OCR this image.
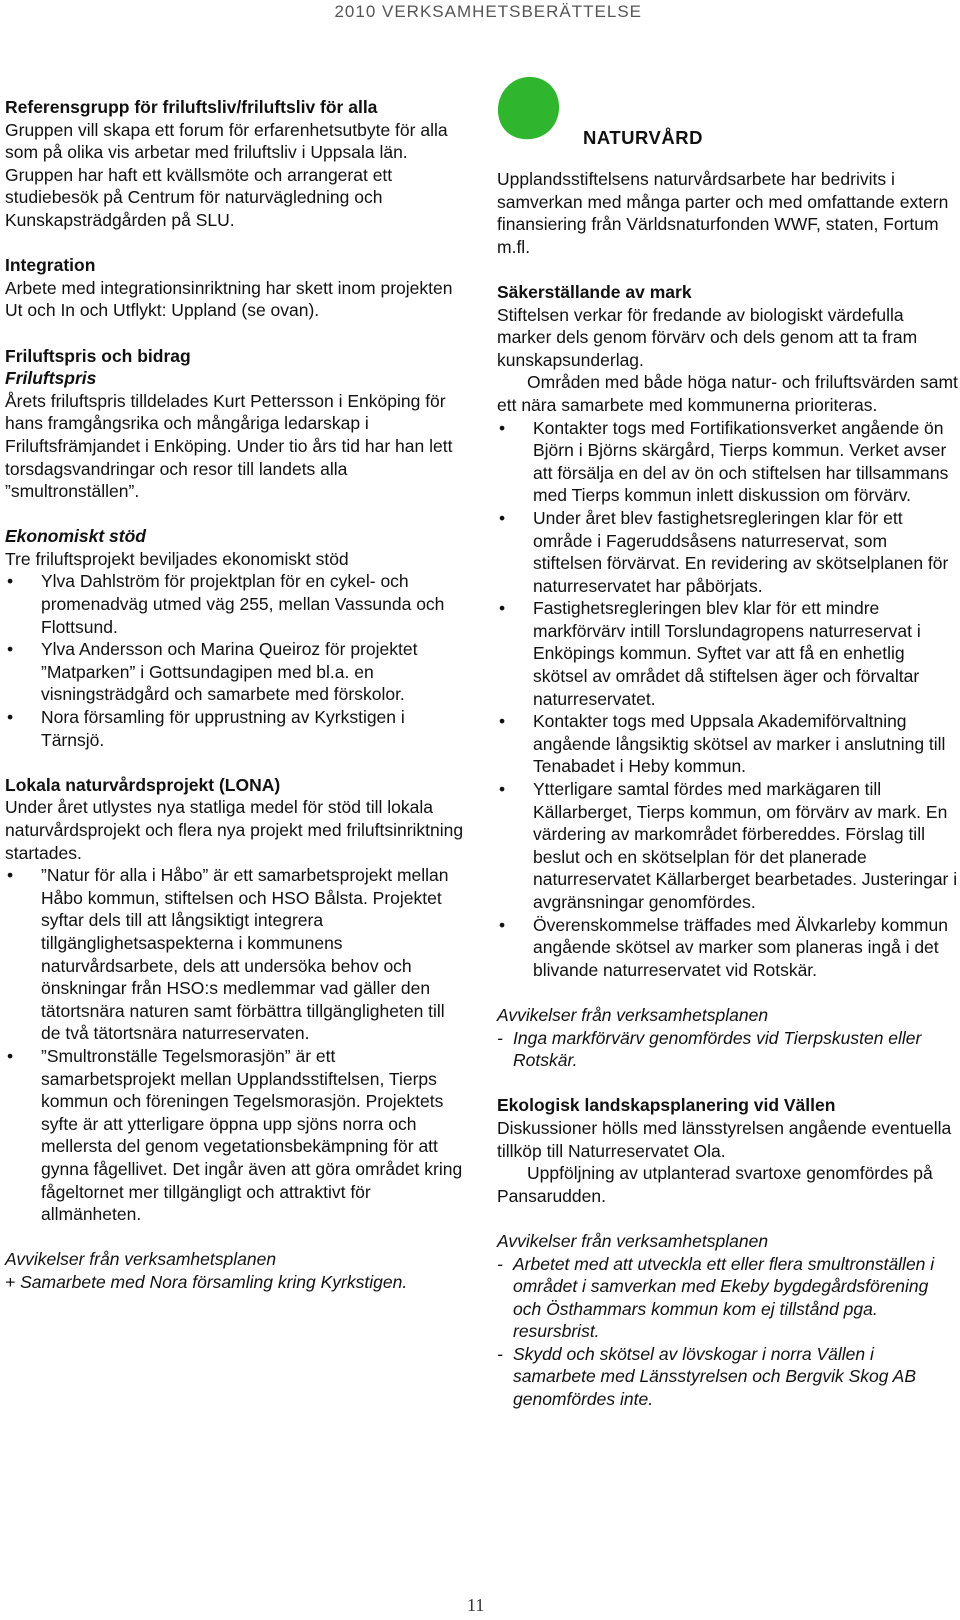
2010 VERKSAMHETSBERÄTTELSE

Referensgrupp för friluftsliv/friluftsliv för alla

Gruppen vill skapa ett forum för erfarenhetsutbyte för alla som på olika vis arbetar med friluftsliv i Uppsala län. Gruppen har haft ett kvällsmöte och arrangerat ett studiebesök på Centrum för naturvägledning och Kunskapsträdgården på SLU.

Integration

Arbete med integrationsinriktning har skett inom projekten Ut och In och Utflykt: Uppland (se ovan).

Friluftspris och bidrag

Friluftspris

Årets friluftspris tilldelades Kurt Pettersson i Enköping för hans framgångsrika och mångåriga ledarskap i Friluftsfrämjandet i Enköping. Under tio års tid har han lett torsdagsvandringar och resor till landets alla ”smultronställen”.

Ekonomiskt stöd

Tre friluftsprojekt beviljades ekonomiskt stöd

• Ylva Dahlström för projektplan för en cykel- och promenadväg utmed väg 255, mellan Vassunda och Flottsund.
• Ylva Andersson och Marina Queiroz för projektet ”Matparken” i Gottsundagipen med bl.a. en visningsträdgård och samarbete med förskolor.
• Nora församling för upprustning av Kyrkstigen i Tärnsjö.

Lokala naturvårdsprojekt (LONA)

Under året utlystes nya statliga medel för stöd till lokala naturvårdsprojekt och flera nya projekt med friluftsinriktning startades.

• ”Natur för alla i Håbo” är ett samarbetsprojekt mellan Håbo kommun, stiftelsen och HSO Bålsta. Projektet syftar dels till att långsiktigt integrera tillgänglighetsaspekterna i kommunens naturvårdsarbete, dels att undersöka behov och önskningar från HSO:s medlemmar vad gäller den tätortsnära naturen samt förbättra tillgängligheten till de två tätortsnära naturreservaten.
• ”Smultronställe Tegelsmorasjön” är ett samarbetsprojekt mellan Upplandsstiftelsen, Tierps kommun och föreningen Tegelsmorasjön. Projektets syfte är att ytterligare öppna upp sjöns norra och mellersta del genom vegetationsbekämpning för att gynna fågellivet. Det ingår även att göra området kring fågeltornet mer tillgängligt och attraktivt för allmänheten.

Avvikelser från verksamhetsplanen

+ Samarbete med Nora församling kring Kyrkstigen.

NATURVÅRD

Upplandsstiftelsens naturvårdsarbete har bedrivits i samverkan med många parter och med omfattande extern finansiering från Världsnaturfonden WWF, staten, Fortum m.fl.

Säkerställande av mark

Stiftelsen verkar för fredande av biologiskt värdefulla marker dels genom förvärv och dels genom att ta fram kunskapsunderlag.

Områden med både höga natur- och friluftsvärden samt ett nära samarbete med kommunerna prioriteras.

• Kontakter togs med Fortifikationsverket angående ön Björn i Björns skärgård, Tierps kommun. Verket avser att försälja en del av ön och stiftelsen har tillsammans med Tierps kommun inlett diskussion om förvärv.
• Under året blev fastighetsregleringen klar för ett område i Fageruddsåsens naturreservat, som stiftelsen förvärvat. En revidering av skötselplanen för naturreservatet har påbörjats.
• Fastighetsregleringen blev klar för ett mindre markförvärv intill Torslundagropens naturreservat i Enköpings kommun. Syftet var att få en enhetlig skötsel av området då stiftelsen äger och förvaltar naturreservatet.
• Kontakter togs med Uppsala Akademiförvaltning angående långsiktig skötsel av marker i anslutning till Tenabadet i Heby kommun.
• Ytterligare samtal fördes med markägaren till Källarberget, Tierps kommun, om förvärv av mark. En värdering av markområdet förbereddes. Förslag till beslut och en skötselplan för det planerade naturreservatet Källarberget bearbetades. Justeringar i avgränsningar genomfördes.
• Överenskommelse träffades med Älvkarleby kommun angående skötsel av marker som planeras ingå i det blivande naturreservatet vid Rotskär.

Avvikelser från verksamhetsplanen

- Inga markförvärv genomfördes vid Tierpskusten eller Rotskär.

Ekologisk landskapsplanering vid Vällen

Diskussioner hölls med länsstyrelsen angående eventuella tillköp till Naturreservatet Ola.

Uppföljning av utplanterad svartoxe genomfördes på Pansarudden.

Avvikelser från verksamhetsplanen

- Arbetet med att utveckla ett eller flera smultronställen i området i samverkan med Ekeby bygdegårdsförening och Östhammars kommun kom ej tillstånd pga. resursbrist.
- Skydd och skötsel av lövskogar i norra Vällen i samarbete med Länsstyrelsen och Bergvik Skog AB genomfördes inte.
11
